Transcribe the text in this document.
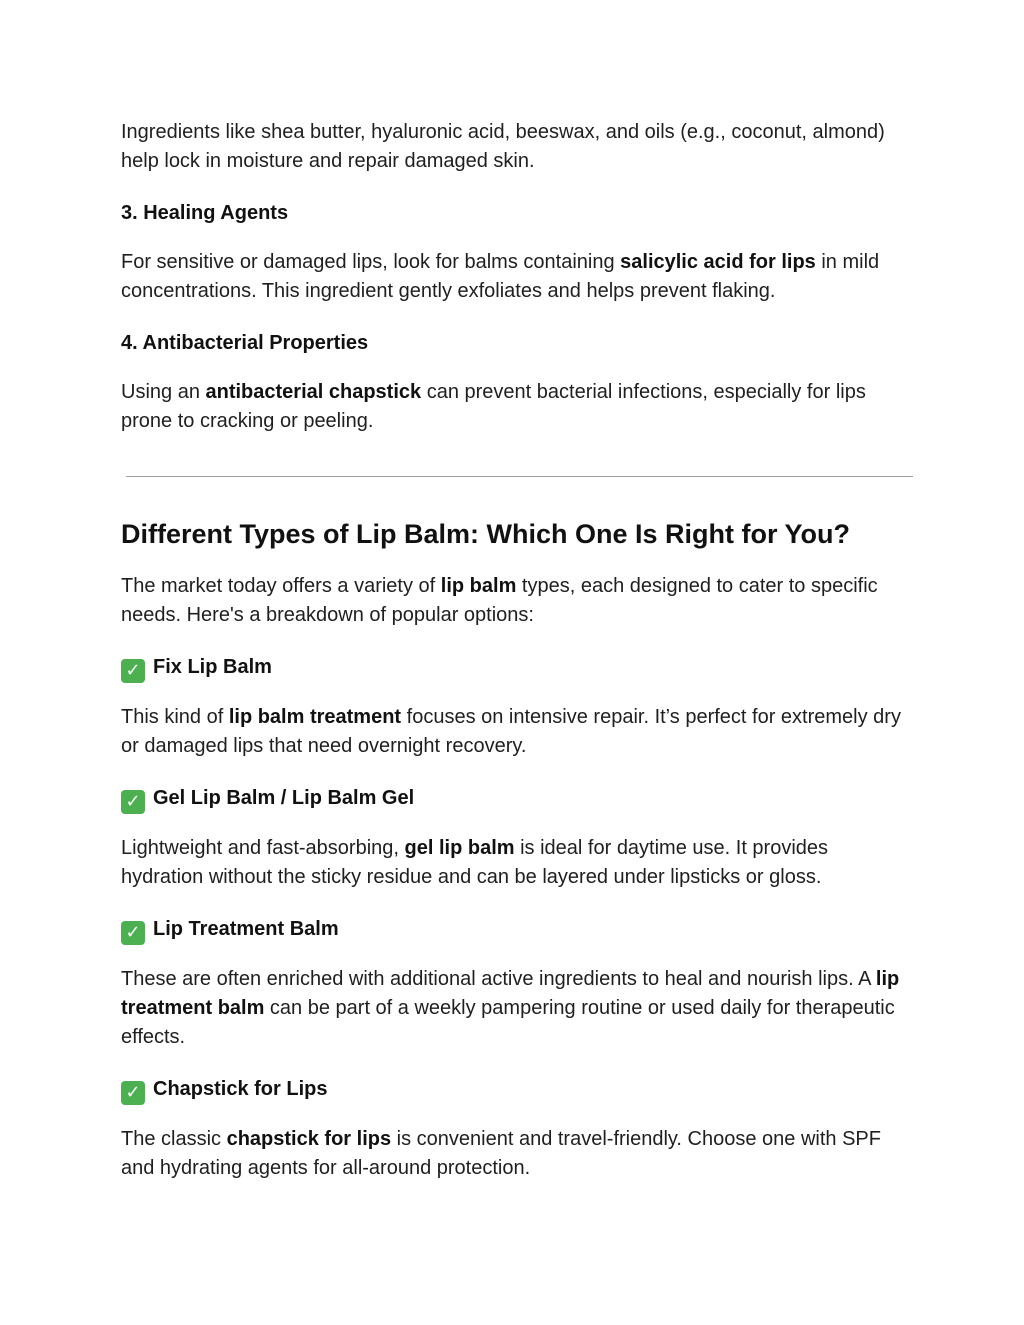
Ingredients like shea butter, hyaluronic acid, beeswax, and oils (e.g., coconut, almond) help lock in moisture and repair damaged skin.

3. Healing Agents

For sensitive or damaged lips, look for balms containing salicylic acid for lips in mild concentrations. This ingredient gently exfoliates and helps prevent flaking.

4. Antibacterial Properties

Using an antibacterial chapstick can prevent bacterial infections, especially for lips prone to cracking or peeling.

Different Types of Lip Balm: Which One Is Right for You?

The market today offers a variety of lip balm types, each designed to cater to specific needs. Here's a breakdown of popular options:

✓ Fix Lip Balm

This kind of lip balm treatment focuses on intensive repair. It’s perfect for extremely dry or damaged lips that need overnight recovery.

✓ Gel Lip Balm / Lip Balm Gel

Lightweight and fast-absorbing, gel lip balm is ideal for daytime use. It provides hydration without the sticky residue and can be layered under lipsticks or gloss.

✓ Lip Treatment Balm

These are often enriched with additional active ingredients to heal and nourish lips. A lip treatment balm can be part of a weekly pampering routine or used daily for therapeutic effects.

✓ Chapstick for Lips

The classic chapstick for lips is convenient and travel-friendly. Choose one with SPF and hydrating agents for all-around protection.
